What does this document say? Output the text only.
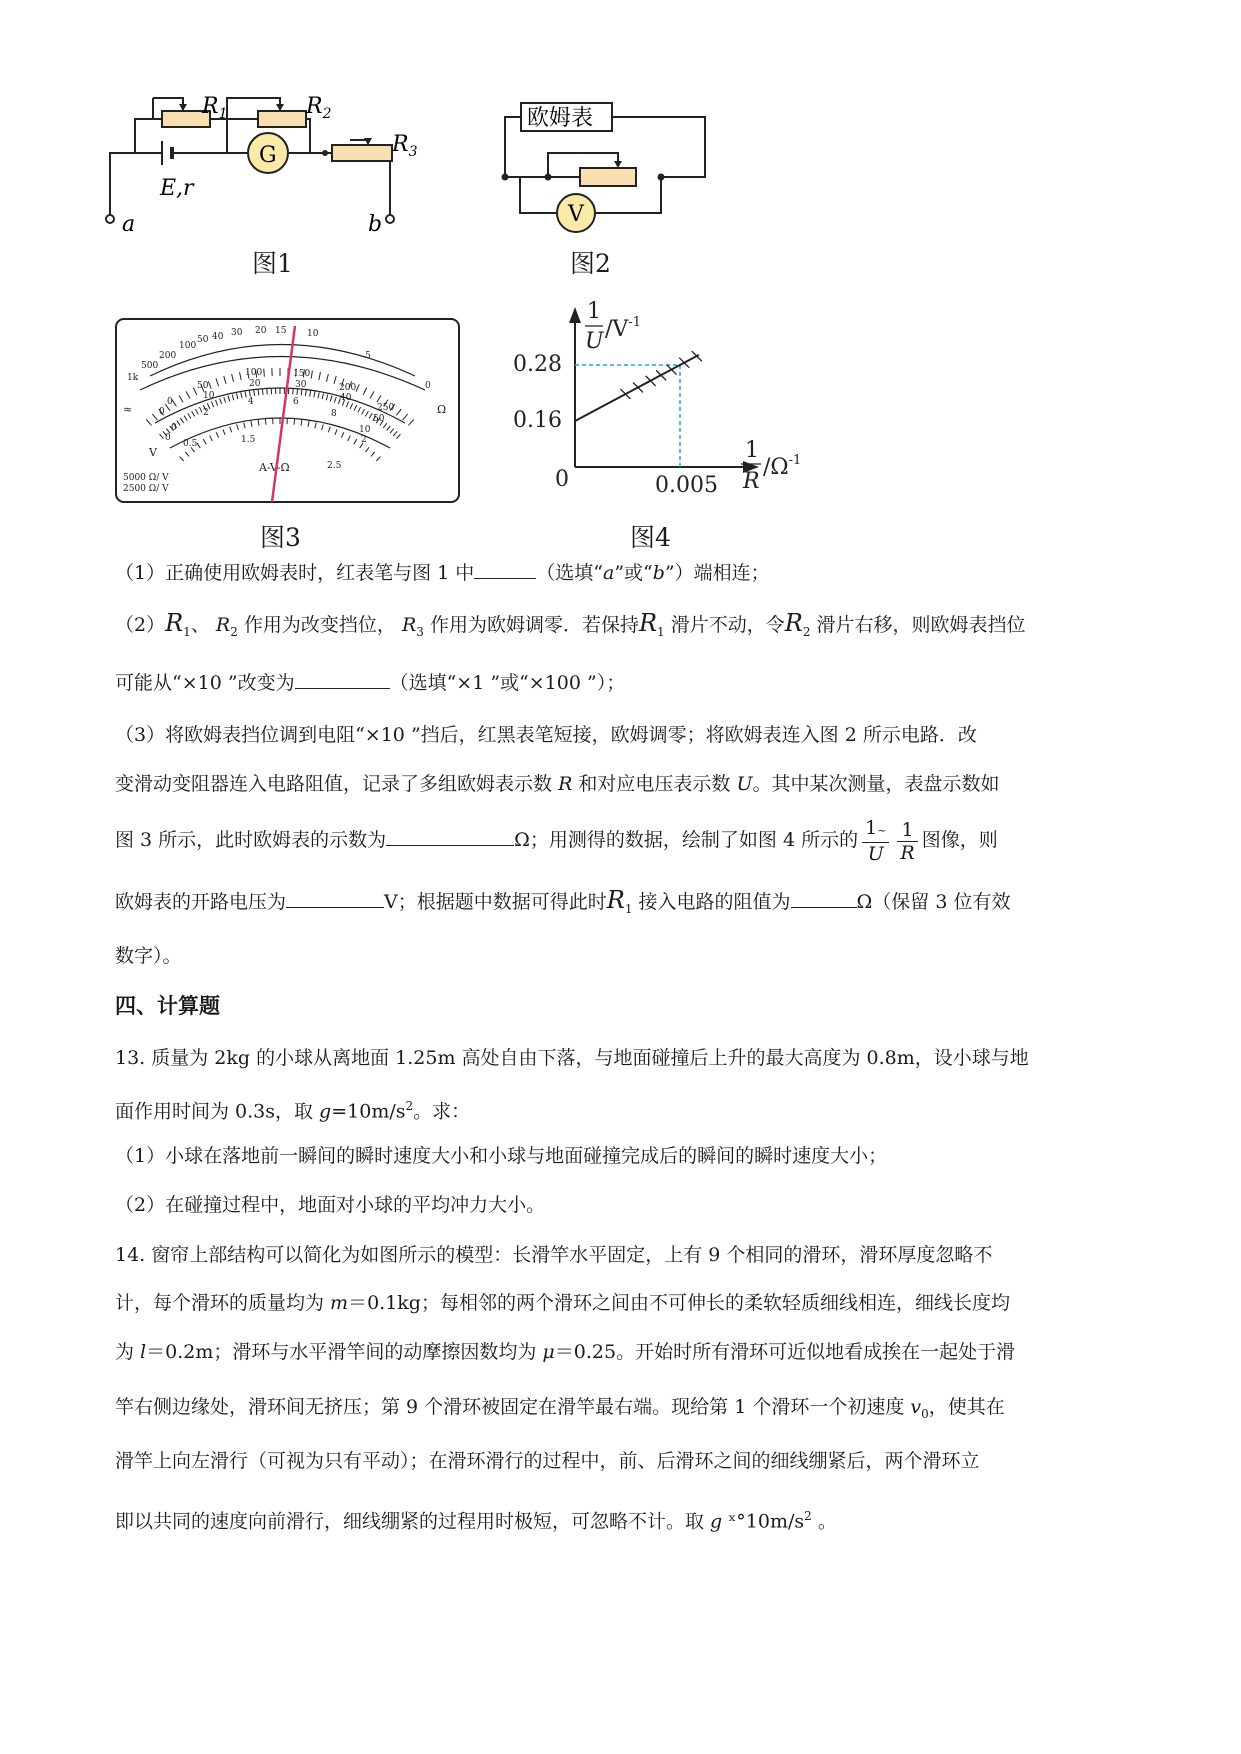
$R_1$	$R_2$
$R_3$
E,r
a	b
G
图1
欧姆表
V
图2
1k
500
200
100
50 40 30 20 15 10
5
0
0
50
100	150
200
250
0
10
20	30
40
50
0
2
4	6
8
10
0
0.5	1.5	2
2.5
Ω
≈
V
A-V-Ω
5000 Ω/ V
2500 Ω/ V
图3
1
U $/V^{-1}$
0.28
0.16
0	0.005
1
R
$/\Omega^{-1}$
图4
（1）正确使用欧姆表时，红表笔与图 1 中	（选填“a”或“b”）端相连；
$(2)R_1$、 $R_2$ 作用为改变挡位， $R_3$ 作用为欧姆调零．若保持$R_1$ 滑片不动，令$R_2$ 滑片右移，则欧姆表挡位
可能从“×10 ”改变为	（选填“×1 ”或“×100 ”）；
（3）将欧姆表挡位调到电阻“×10 ”挡后，红黑表笔短接，欧姆调零；将欧姆表连入图 2 所示电路．改
变滑动变阻器连入电路阻值，记录了多组欧姆表示数 R 和对应电压表示数 U。其中某次测量，表盘示数如
图 3 所示，此时欧姆表的示数为	Ω；用测得的数据，绘制了如图 4 所示的 $\frac{1\sim}{U} \frac{1}{R}$ 图像，则
欧姆表的开路电压为	V；根据题中数据可得此时$R_1$ 接入电路的阻值为	Ω（保留 3 位有效
数字）。
四、计算题
13. 质量为 2kg 的小球从离地面 1.25m 高处自由下落，与地面碰撞后上升的最大高度为 0.8m，设小球与地
面作用时间为 0.3s，取 $g=10m/s^2$。求：
（1）小球在落地前一瞬间的瞬时速度大小和小球与地面碰撞完成后的瞬间的瞬时速度大小；
（2）在碰撞过程中，地面对小球的平均冲力大小。
14. 窗帘上部结构可以简化为如图所示的模型：长滑竿水平固定，上有 9 个相同的滑环，滑环厚度忽略不
计，每个滑环的质量均为 m＝0.1kg；每相邻的两个滑环之间由不可伸长的柔软轻质细线相连，细线长度均
为 l＝0.2m；滑环与水平滑竿间的动摩擦因数均为 μ＝0.25。开始时所有滑环可近似地看成挨在一起处于滑
竿右侧边缘处，滑环间无挤压；第 9 个滑环被固定在滑竿最右端。现给第 1 个滑环一个初速度 $v_0$，使其在
滑竿上向左滑行（可视为只有平动）；在滑环滑行的过程中，前、后滑环之间的细线绷紧后，两个滑环立
即以共同的速度向前滑行，细线绷紧的过程用时极短，可忽略不计。取 g $ˣ^\circ 10m/s^2$ 。
